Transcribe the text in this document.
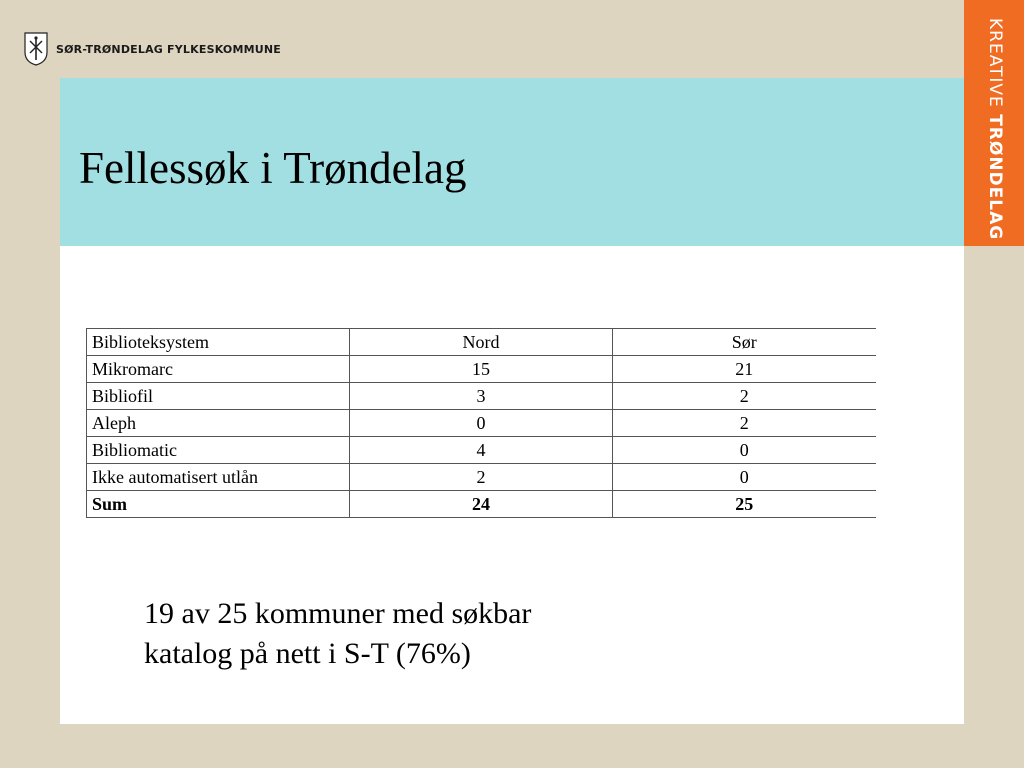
SØR-TRØNDELAG FYLKESKOMMUNE	KREATIVE TRØNDELAG
Fellessøk i Trøndelag
Biblioteksystem	Nord	Sør
Mikromarc	15	21
Bibliofil	3	2
Aleph	0	2
Bibliomatic	4	0
Ikke automatisert utlån	2	0
Sum	24	25

19 av 25 kommuner med søkbar
katalog på nett i S-T (76%)
